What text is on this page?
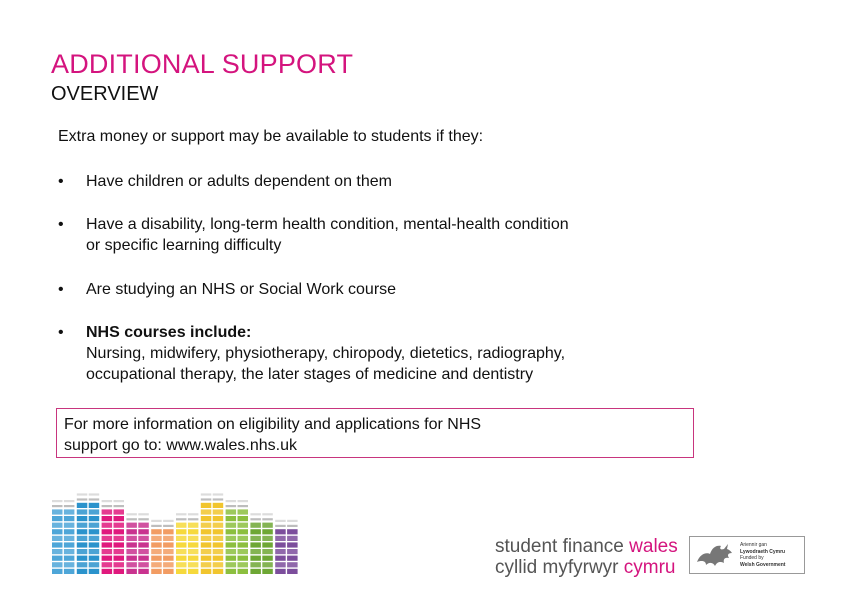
ADDITIONAL SUPPORT
OVERVIEW
Extra money or support may be available to students if they:
•	Have children or adults dependent on them
•	Have a disability, long-term health condition, mental-health condition
or specific learning difficulty
•	Are studying an NHS or Social Work course
•	NHS courses include:
Nursing, midwifery, physiotherapy, chiropody, dietetics, radiography,
occupational therapy, the later stages of medicine and dentistry
For more information on eligibility and applications for NHS
support go to: www.wales.nhs.uk
student finance wales
cyllid myfyrwyr cymru
Ariennir gan
Lywodraeth Cymru
Funded by
Welsh Government
